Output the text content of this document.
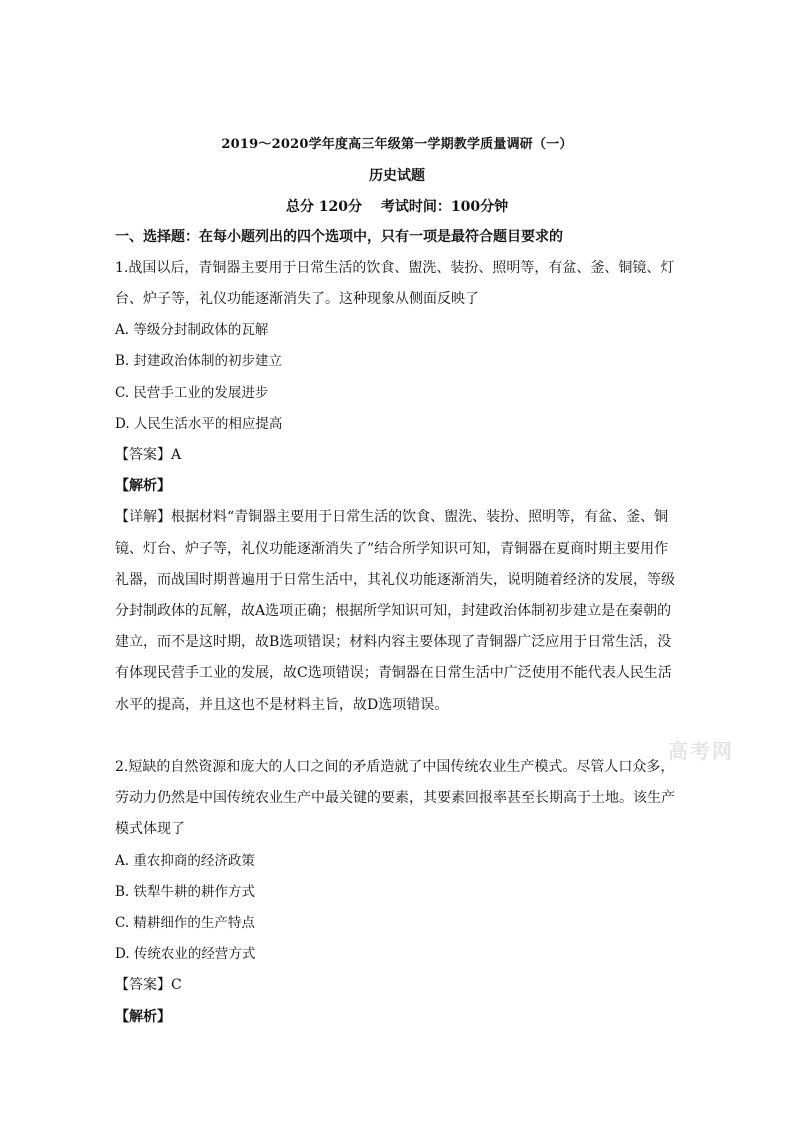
2019～2020学年度高三年级第一学期教学质量调研（一）
历史试题
总分 120分　 考试时间：100分钟
一、选择题：在每小题列出的四个选项中，只有一项是最符合题目要求的
1.战国以后，青铜器主要用于日常生活的饮食、盥洗、装扮、照明等，有盆、釜、铜镜、灯
台、炉子等，礼仪功能逐渐消失了。这种现象从侧面反映了
A. 等级分封制政体的瓦解
B. 封建政治体制的初步建立
C. 民营手工业的发展进步
D. 人民生活水平的相应提高
【答案】A
【解析】
【详解】根据材料“青铜器主要用于日常生活的饮食、盥洗、装扮、照明等，有盆、釜、铜
镜、灯台、炉子等，礼仪功能逐渐消失了”结合所学知识可知，青铜器在夏商时期主要用作
礼器，而战国时期普遍用于日常生活中，其礼仪功能逐渐消失，说明随着经济的发展，等级
分封制政体的瓦解，故A选项正确；根据所学知识可知，封建政治体制初步建立是在秦朝的
建立，而不是这时期，故B选项错误；材料内容主要体现了青铜器广泛应用于日常生活，没
有体现民营手工业的发展，故C选项错误；青铜器在日常生活中广泛使用不能代表人民生活
水平的提高，并且这也不是材料主旨，故D选项错误。
2.短缺的自然资源和庞大的人口之间的矛盾造就了中国传统农业生产模式。尽管人口众多，
劳动力仍然是中国传统农业生产中最关键的要素，其要素回报率甚至长期高于土地。该生产
模式体现了
A. 重农抑商的经济政策
B. 铁犁牛耕的耕作方式
C. 精耕细作的生产特点
D. 传统农业的经营方式
【答案】C
【解析】
高考网
